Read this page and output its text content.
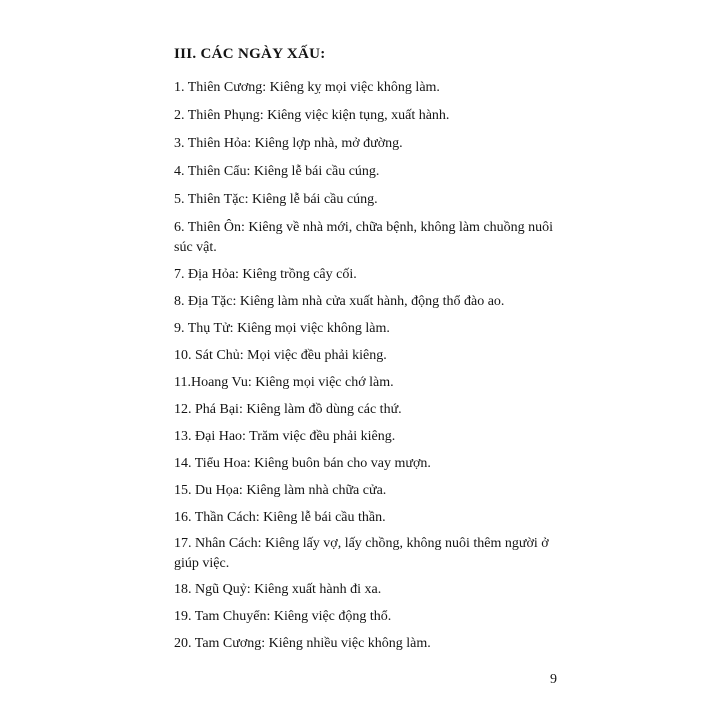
III. CÁC NGÀY XẤU:
1. Thiên Cương: Kiêng kỵ mọi việc không làm.
2. Thiên Phụng: Kiêng việc kiện tụng, xuất hành.
3. Thiên Hỏa: Kiêng lợp nhà, mở đường.
4. Thiên Cẩu: Kiêng lễ bái cầu cúng.
5. Thiên Tặc: Kiêng lễ bái cầu cúng.
6. Thiên Ôn: Kiêng về nhà mới, chữa bệnh, không làm chuồng nuôi súc vật.
7. Địa Hỏa: Kiêng trồng cây cối.
8. Địa Tặc: Kiêng làm nhà cửa xuất hành, động thổ đào ao.
9. Thụ Tử: Kiêng mọi việc không làm.
10. Sát Chủ: Mọi việc đều phải kiêng.
11.Hoang Vu: Kiêng mọi việc chớ làm.
12. Phá Bại: Kiêng làm đồ dùng các thứ.
13. Đại Hao: Trăm việc đều phải kiêng.
14. Tiểu Hoa: Kiêng buôn bán cho vay mượn.
15. Du Họa: Kiêng làm nhà chữa cửa.
16. Thần Cách: Kiêng lễ bái cầu thần.
17. Nhân Cách: Kiêng lấy vợ, lấy chồng, không nuôi thêm người ở giúp việc.
18. Ngũ Quỷ: Kiêng xuất hành đi xa.
19. Tam Chuyển: Kiêng việc động thổ.
20. Tam Cương: Kiêng nhiều việc không làm.
9
